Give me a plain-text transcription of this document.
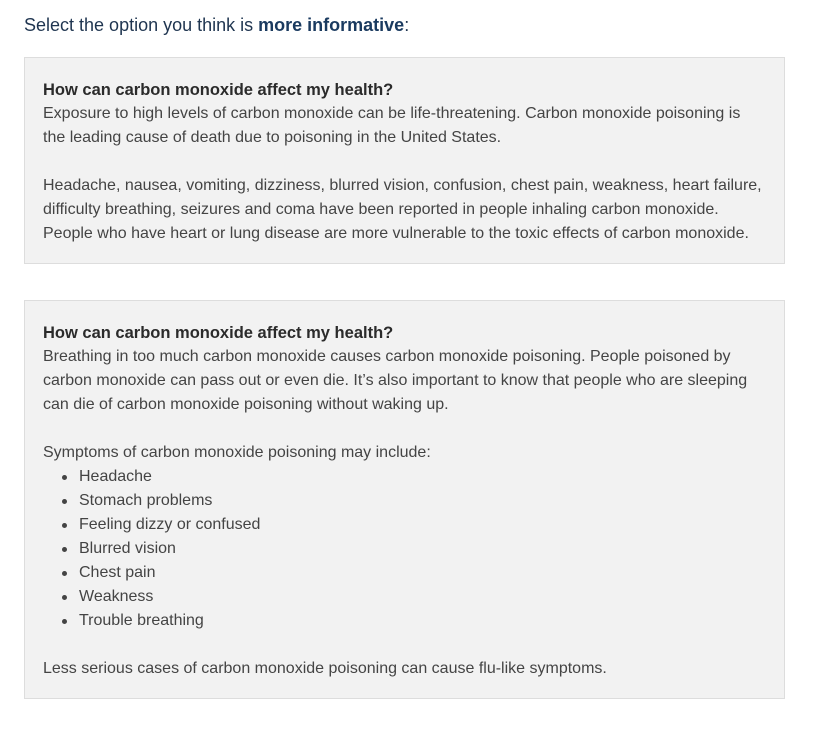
Select the option you think is more informative:

How can carbon monoxide affect my health?

Exposure to high levels of carbon monoxide can be life-threatening. Carbon monoxide poisoning is the leading cause of death due to poisoning in the United States.

Headache, nausea, vomiting, dizziness, blurred vision, confusion, chest pain, weakness, heart failure, difficulty breathing, seizures and coma have been reported in people inhaling carbon monoxide. People who have heart or lung disease are more vulnerable to the toxic effects of carbon monoxide.

How can carbon monoxide affect my health?

Breathing in too much carbon monoxide causes carbon monoxide poisoning. People poisoned by carbon monoxide can pass out or even die. It’s also important to know that people who are sleeping can die of carbon monoxide poisoning without waking up.

Symptoms of carbon monoxide poisoning may include:

Headache
Stomach problems
Feeling dizzy or confused
Blurred vision
Chest pain
Weakness
Trouble breathing

Less serious cases of carbon monoxide poisoning can cause flu-like symptoms.
